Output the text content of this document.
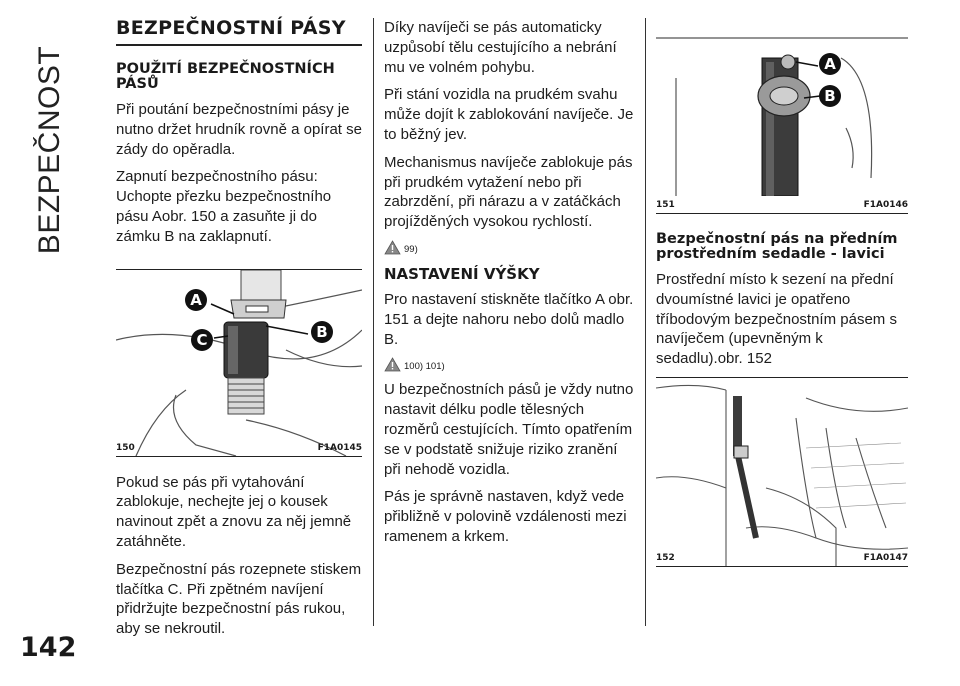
BEZPEČNOST
142
BEZPEČNOSTNÍ PÁSY
POUŽITÍ BEZPEČNOSTNÍCH PÁSŮ

Při poutání bezpečnostními pásy je nutno držet hrudník rovně a opírat se zády do opěradla.

Zapnutí bezpečnostního pásu: Uchopte přezku bezpečnostního pásu Aobr. 150 a zasuňte ji do zámku B na zaklapnutí.

A
B
C
150	F1A0145

Pokud se pás při vytahování zablokuje, nechejte jej o kousek navinout zpět a znovu za něj jemně zatáhněte.

Bezpečnostní pás rozepnete stiskem tlačítka C. Při zpětném navíjení přidržujte bezpečnostní pás rukou, aby se nekroutil.

Díky navíječi se pás automaticky uzpůsobí tělu cestujícího a nebrání mu ve volném pohybu.

Při stání vozidla na prudkém svahu může dojít k zablokování navíječe. Je to běžný jev.

Mechanismus navíječe zablokuje pás při prudkém vytažení nebo při zabrzdění, při nárazu a v zatáčkách projížděných vysokou rychlostí.

99)
NASTAVENÍ VÝŠKY

Pro nastavení stiskněte tlačítko A obr. 151 a dejte nahoru nebo dolů madlo B.

100) 101)

U bezpečnostních pásů je vždy nutno nastavit délku podle tělesných rozměrů cestujících. Tímto opatřením se v podstatě snižuje riziko zranění při nehodě vozidla.

Pás je správně nastaven, když vede přibližně v polovině vzdálenosti mezi ramenem a krkem.

A
B
151	F1A0146
Bezpečnostní pás na předním prostředním sedadle - lavici

Prostřední místo k sezení na přední dvoumístné lavici je opatřeno tříbodovým bezpečnostním pásem s navíječem (upevněným k sedadlu).obr. 152

152	F1A0147
